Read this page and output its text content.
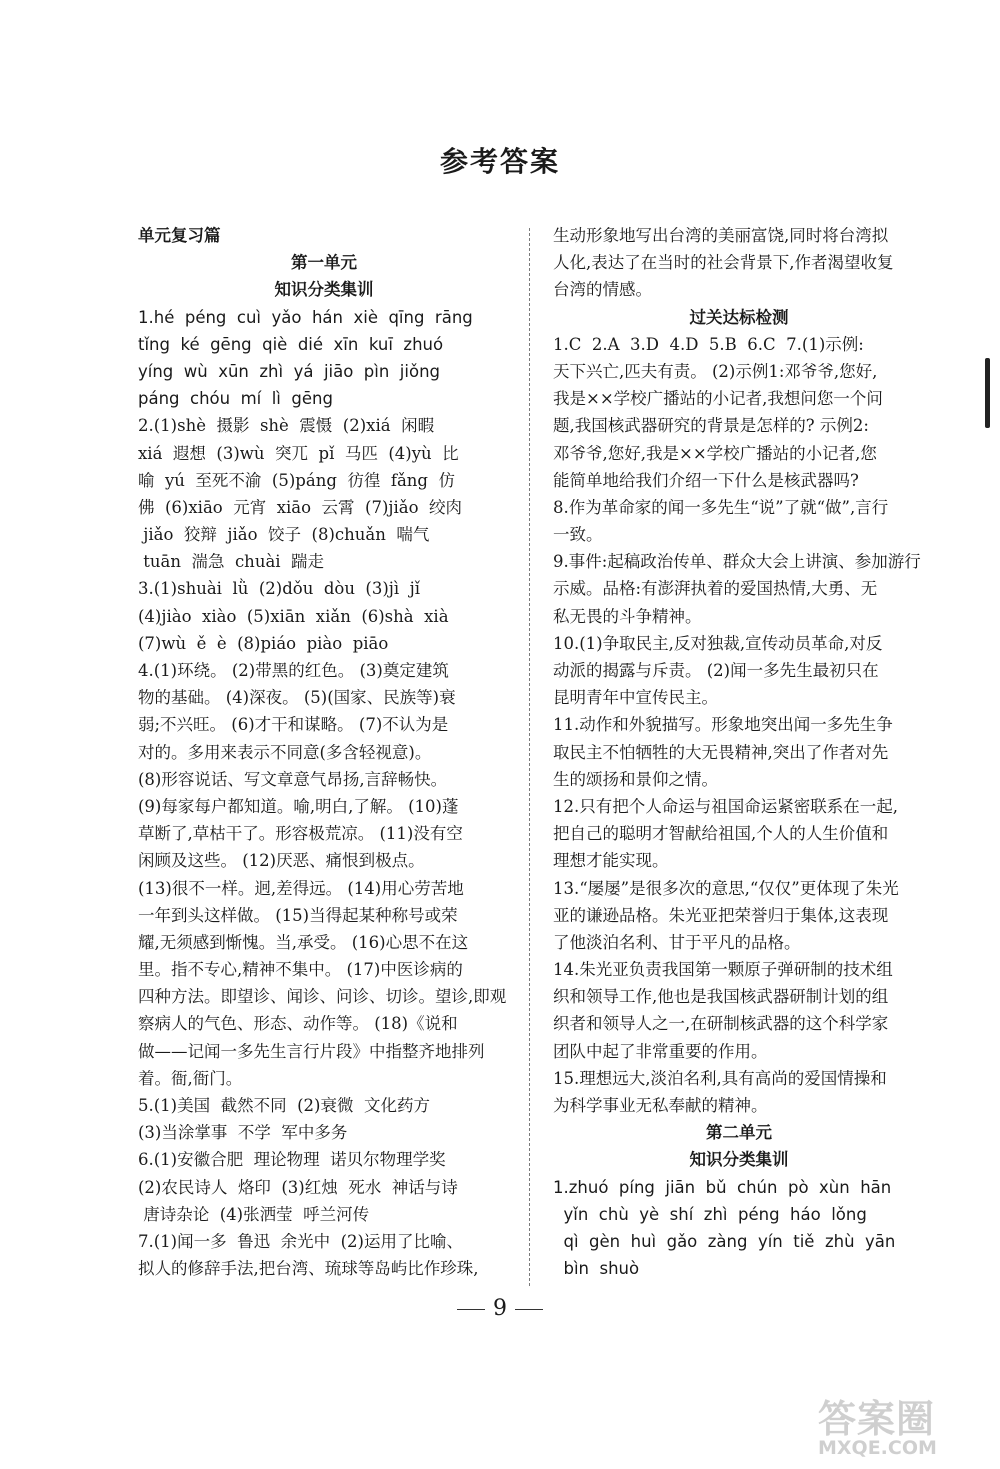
参考答案
单元复习篇
第一单元
知识分类集训
1.hé  péng  cuì  yǎo  hán  xiè  qīng  rāng
tǐng  ké  gēng  qiè  dié  xīn  kuī  zhuó
yíng  wù  xūn  zhì  yá  jiāo  pìn  jiǒng
páng  chóu  mí  lì  gēng
2.(1)shè  摄影  shè  震慑  (2)xiá  闲暇
xiá  遐想  (3)wù  突兀  pǐ  马匹  (4)yù  比
喻  yú  至死不渝  (5)páng  彷徨  fǎng  仿
佛  (6)xiāo  元宵  xiāo  云霄  (7)jiǎo  绞肉
jiǎo  狡辩  jiǎo  饺子  (8)chuǎn  喘气
tuān  湍急  chuài  踹走
3.(1)shuài  lǜ  (2)dǒu  dòu  (3)jì  jǐ
(4)jiào  xiào  (5)xiān  xiǎn  (6)shà  xià
(7)wù  ě  è  (8)piáo  piào  piāo
4.(1)环绕。 (2)带黑的红色。 (3)奠定建筑
物的基础。 (4)深夜。 (5)(国家、民族等)衰
弱;不兴旺。 (6)才干和谋略。 (7)不认为是
对的。多用来表示不同意(多含轻视意)。
(8)形容说话、写文章意气昂扬,言辞畅快。
(9)每家每户都知道。喻,明白,了解。 (10)蓬
草断了,草枯干了。形容极荒凉。 (11)没有空
闲顾及这些。 (12)厌恶、痛恨到极点。
(13)很不一样。迥,差得远。 (14)用心劳苦地
一年到头这样做。 (15)当得起某种称号或荣
耀,无须感到惭愧。当,承受。 (16)心思不在这
里。指不专心,精神不集中。 (17)中医诊病的
四种方法。即望诊、闻诊、问诊、切诊。望诊,即观
察病人的气色、形态、动作等。 (18)《说和
做——记闻一多先生言行片段》中指整齐地排列
着。衙,衙门。
5.(1)美国  截然不同  (2)衰微  文化药方
(3)当涂掌事  不学  军中多务
6.(1)安徽合肥  理论物理  诺贝尔物理学奖
(2)农民诗人  烙印  (3)红烛  死水  神话与诗
唐诗杂论  (4)张洒莹  呼兰河传
7.(1)闻一多  鲁迅  余光中  (2)运用了比喻、
拟人的修辞手法,把台湾、琉球等岛屿比作珍珠,
生动形象地写出台湾的美丽富饶,同时将台湾拟
人化,表达了在当时的社会背景下,作者渴望收复
台湾的情感。
过关达标检测
1.C  2.A  3.D  4.D  5.B  6.C  7.(1)示例:
天下兴亡,匹夫有责。 (2)示例1:邓爷爷,您好,
我是××学校广播站的小记者,我想问您一个问
题,我国核武器研究的背景是怎样的? 示例2:
邓爷爷,您好,我是××学校广播站的小记者,您
能简单地给我们介绍一下什么是核武器吗?
8.作为革命家的闻一多先生“说”了就“做”,言行
一致。
9.事件:起稿政治传单、群众大会上讲演、参加游行
示威。品格:有澎湃执着的爱国热情,大勇、无
私无畏的斗争精神。
10.(1)争取民主,反对独裁,宣传动员革命,对反
动派的揭露与斥责。 (2)闻一多先生最初只在
昆明青年中宣传民主。
11.动作和外貌描写。形象地突出闻一多先生争
取民主不怕牺牲的大无畏精神,突出了作者对先
生的颂扬和景仰之情。
12.只有把个人命运与祖国命运紧密联系在一起,
把自己的聪明才智献给祖国,个人的人生价值和
理想才能实现。
13.“屡屡”是很多次的意思,“仅仅”更体现了朱光
亚的谦逊品格。朱光亚把荣誉归于集体,这表现
了他淡泊名利、甘于平凡的品格。
14.朱光亚负责我国第一颗原子弹研制的技术组
织和领导工作,他也是我国核武器研制计划的组
织者和领导人之一,在研制核武器的这个科学家
团队中起了非常重要的作用。
15.理想远大,淡泊名利,具有高尚的爱国情操和
为科学事业无私奉献的精神。
第二单元
知识分类集训
1.zhuó  píng  jiān  bǔ  chún  pò  xùn  hān
yǐn  chù  yè  shí  zhì  péng  háo  lǒng
qì  gèn  huì  gǎo  zàng  yín  tiě  zhù  yān
bìn  shuò
9
答案圈
MXQE.COM
